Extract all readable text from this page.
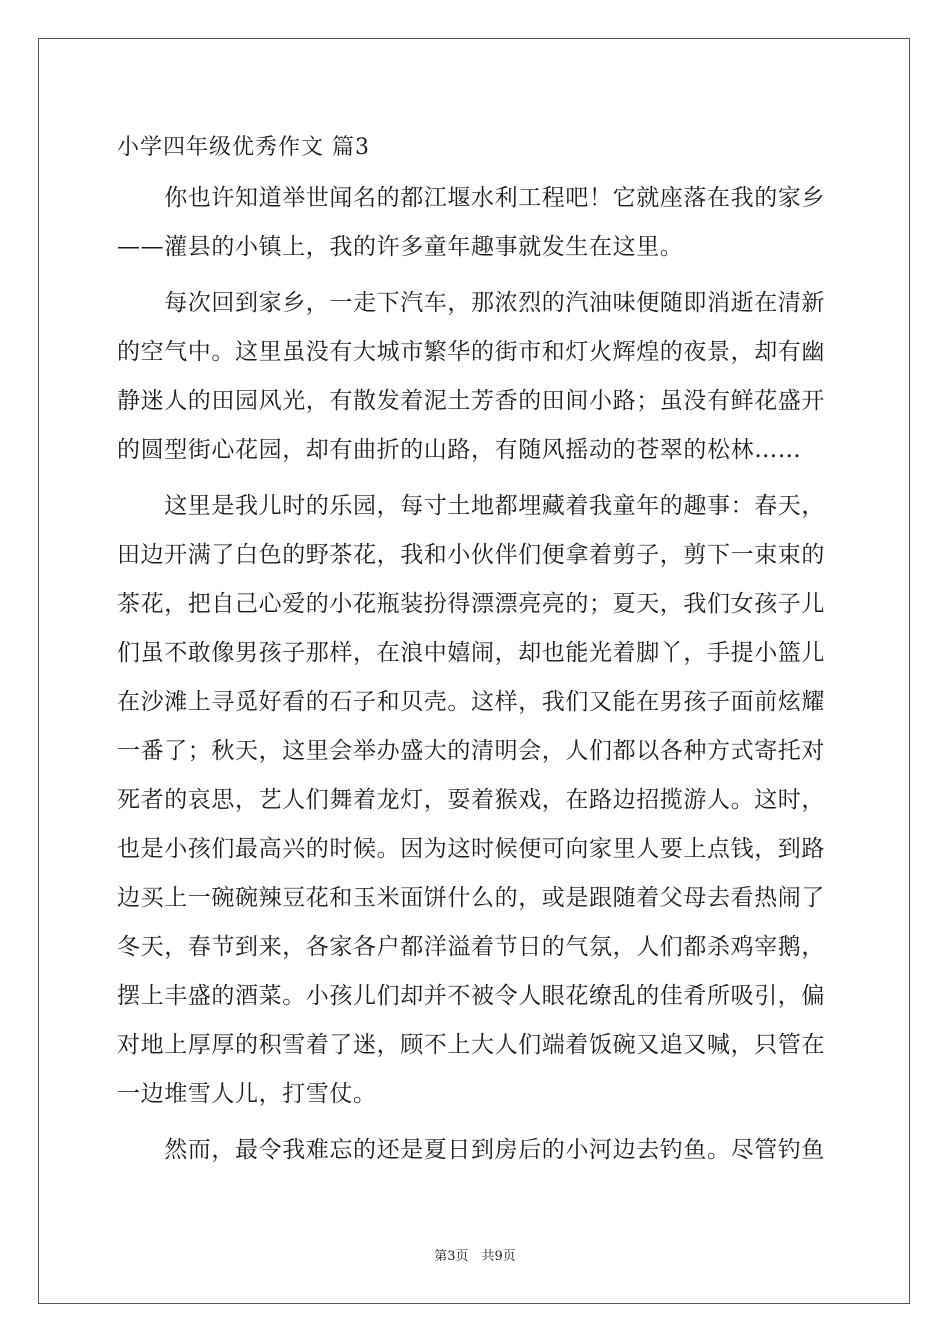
小学四年级优秀作文 篇3
　　你也许知道举世闻名的都江堰水利工程吧！它就座落在我的家乡
——灌县的小镇上，我的许多童年趣事就发生在这里。
　　每次回到家乡，一走下汽车，那浓烈的汽油味便随即消逝在清新
的空气中。这里虽没有大城市繁华的街市和灯火辉煌的夜景，却有幽
静迷人的田园风光，有散发着泥土芳香的田间小路；虽没有鲜花盛开
的圆型街心花园，却有曲折的山路，有随风摇动的苍翠的松林……
　　这里是我儿时的乐园，每寸土地都埋藏着我童年的趣事：春天，
田边开满了白色的野茶花，我和小伙伴们便拿着剪子，剪下一束束的
茶花，把自己心爱的小花瓶装扮得漂漂亮亮的；夏天，我们女孩子儿
们虽不敢像男孩子那样，在浪中嬉闹，却也能光着脚丫，手提小篮儿
在沙滩上寻觅好看的石子和贝壳。这样，我们又能在男孩子面前炫耀
一番了；秋天，这里会举办盛大的清明会，人们都以各种方式寄托对
死者的哀思，艺人们舞着龙灯，耍着猴戏，在路边招揽游人。这时，
也是小孩们最高兴的时候。因为这时候便可向家里人要上点钱，到路
边买上一碗碗辣豆花和玉米面饼什么的，或是跟随着父母去看热闹了
冬天，春节到来，各家各户都洋溢着节日的气氛，人们都杀鸡宰鹅，
摆上丰盛的酒菜。小孩儿们却并不被令人眼花缭乱的佳肴所吸引，偏
对地上厚厚的积雪着了迷，顾不上大人们端着饭碗又追又喊，只管在
一边堆雪人儿，打雪仗。
　　然而，最令我难忘的还是夏日到房后的小河边去钓鱼。尽管钓鱼
第3页　共9页
